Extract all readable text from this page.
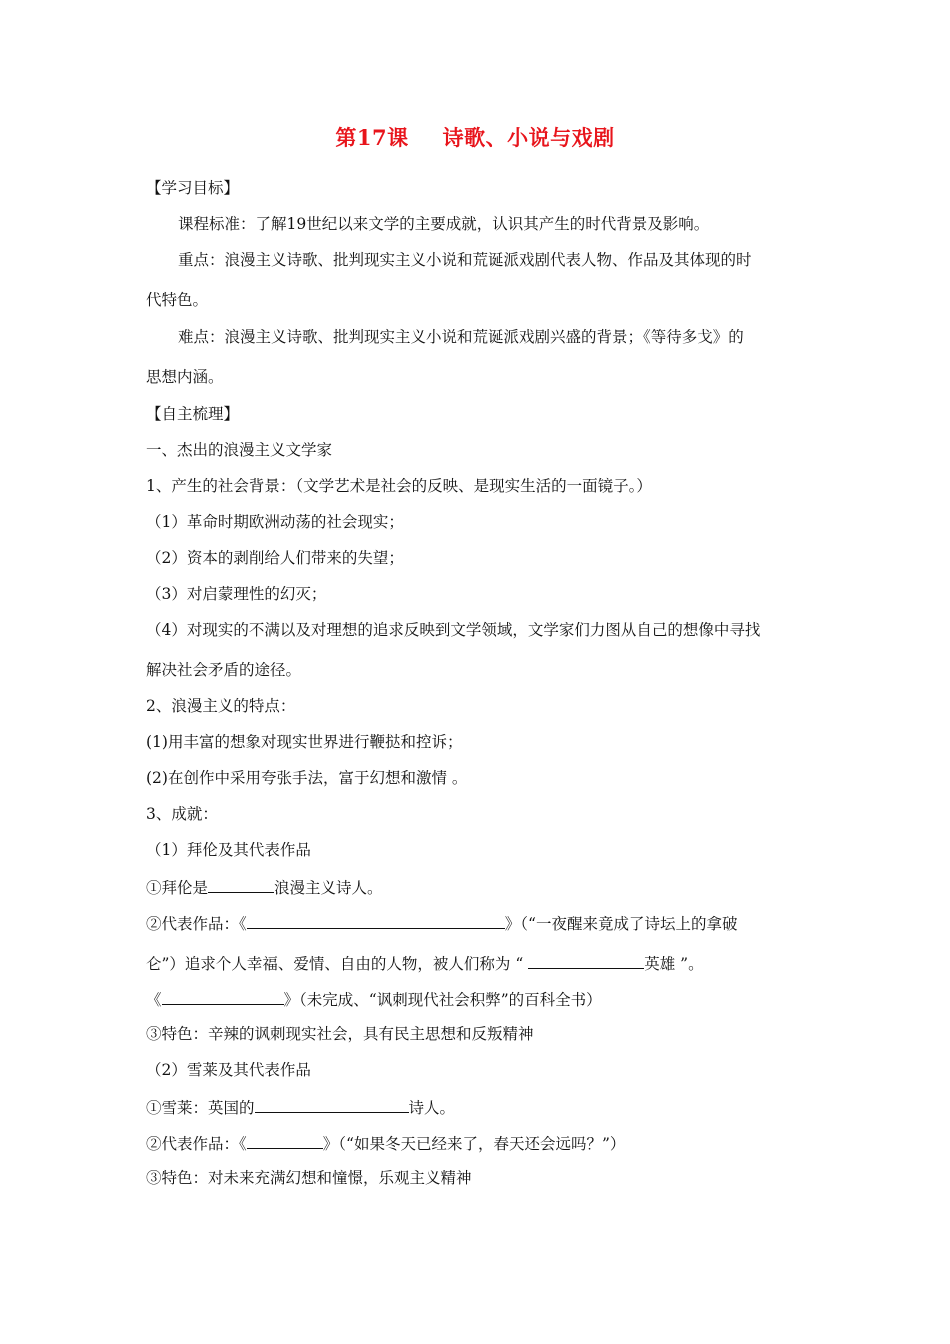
第17课 诗歌、小说与戏剧
【学习目标】
课程标准：了解19世纪以来文学的主要成就，认识其产生的时代背景及影响。
重点：浪漫主义诗歌、批判现实主义小说和荒诞派戏剧代表人物、作品及其体现的时
代特色。
难点：浪漫主义诗歌、批判现实主义小说和荒诞派戏剧兴盛的背景；《等待多戈》的
思想内涵。
【自主梳理】
一、杰出的浪漫主义文学家
1、产生的社会背景：（文学艺术是社会的反映、是现实生活的一面镜子。）
（1）革命时期欧洲动荡的社会现实；
（2）资本的剥削给人们带来的失望；
（3）对启蒙理性的幻灭；
（4）对现实的不满以及对理想的追求反映到文学领域，文学家们力图从自己的想像中寻找
解决社会矛盾的途径。
2、浪漫主义的特点：
(1)用丰富的想象对现实世界进行鞭挞和控诉；
(2)在创作中采用夸张手法，富于幻想和激情 。
3、成就：
（1）拜伦及其代表作品
①拜伦是	浪漫主义诗人。
②代表作品：《	》（“一夜醒来竟成了诗坛上的拿破
仑”）追求个人幸福、爱情、自由的人物，被人们称为 “	英雄 ”。
《	》（未完成、“讽刺现代社会积弊”的百科全书）
③特色：辛辣的讽刺现实社会，具有民主思想和反叛精神
（2）雪莱及其代表作品
①雪莱：英国的	诗人。
②代表作品：《	》（“如果冬天已经来了，春天还会远吗？”）
③特色：对未来充满幻想和憧憬，乐观主义精神
